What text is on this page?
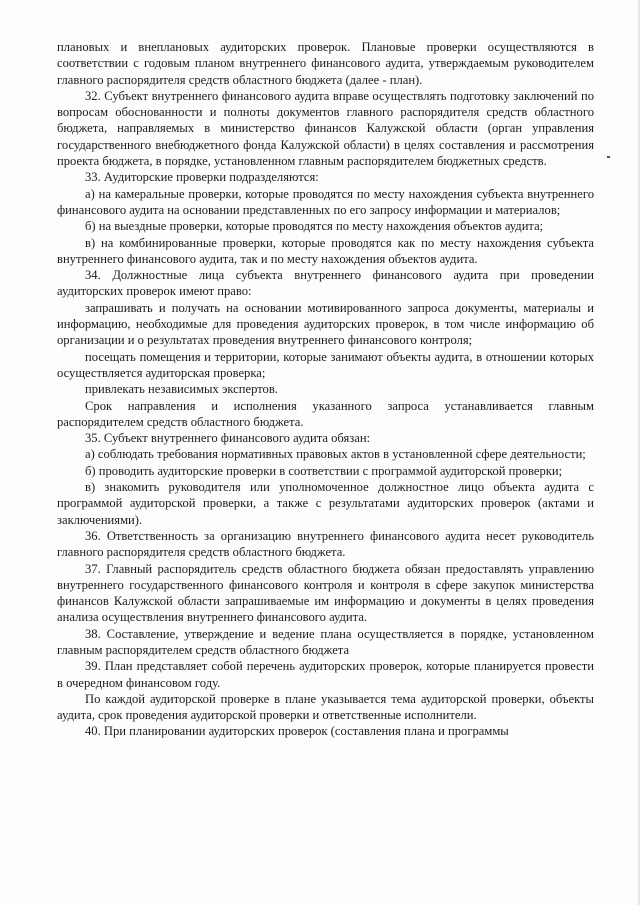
плановых и внеплановых аудиторских проверок. Плановые проверки осуществляются в соответствии с годовым планом внутреннего финансового аудита, утверждаемым руководителем главного распорядителя средств областного бюджета (далее - план).

32. Субъект внутреннего финансового аудита вправе осуществлять подготовку заключений по вопросам обоснованности и полноты документов главного распорядителя средств областного бюджета, направляемых в министерство финансов Калужской области (орган управления государственного внебюджетного фонда Калужской области) в целях составления и рассмотрения проекта бюджета, в порядке, установленном главным распорядителем бюджетных средств.

33. Аудиторские проверки подразделяются:

а) на камеральные проверки, которые проводятся по месту нахождения субъекта внутреннего финансового аудита на основании представленных по его запросу информации и материалов;

б) на выездные проверки, которые проводятся по месту нахождения объектов аудита;

в) на комбинированные проверки, которые проводятся как по месту нахождения субъекта внутреннего финансового аудита, так и по месту нахождения объектов аудита.

34. Должностные лица субъекта внутреннего финансового аудита при проведении аудиторских проверок имеют право:

запрашивать и получать на основании мотивированного запроса документы, материалы и информацию, необходимые для проведения аудиторских проверок, в том числе информацию об организации и о результатах проведения внутреннего финансового контроля;

посещать помещения и территории, которые занимают объекты аудита, в отношении которых осуществляется аудиторская проверка;

привлекать независимых экспертов.

Срок направления и исполнения указанного запроса устанавливается главным распорядителем средств областного бюджета.

35. Субъект внутреннего финансового аудита обязан:

а) соблюдать требования нормативных правовых актов в установленной сфере деятельности;

б) проводить аудиторские проверки в соответствии с программой аудиторской проверки;

в) знакомить руководителя или уполномоченное должностное лицо объекта аудита с программой аудиторской проверки, а также с результатами аудиторских проверок (актами и заключениями).

36. Ответственность за организацию внутреннего финансового аудита несет руководитель главного распорядителя средств областного бюджета.

37. Главный распорядитель средств областного бюджета обязан предоставлять управлению внутреннего государственного финансового контроля и контроля в сфере закупок министерства финансов Калужской области запрашиваемые им информацию и документы в целях проведения анализа осуществления внутреннего финансового аудита.

38. Составление, утверждение и ведение плана осуществляется в порядке, установленном главным распорядителем средств областного бюджета

39. План представляет собой перечень аудиторских проверок, которые планируется провести в очередном финансовом году.

По каждой аудиторской проверке в плане указывается тема аудиторской проверки, объекты аудита, срок проведения аудиторской проверки и ответственные исполнители.

40. При планировании аудиторских проверок (составления плана и программы
